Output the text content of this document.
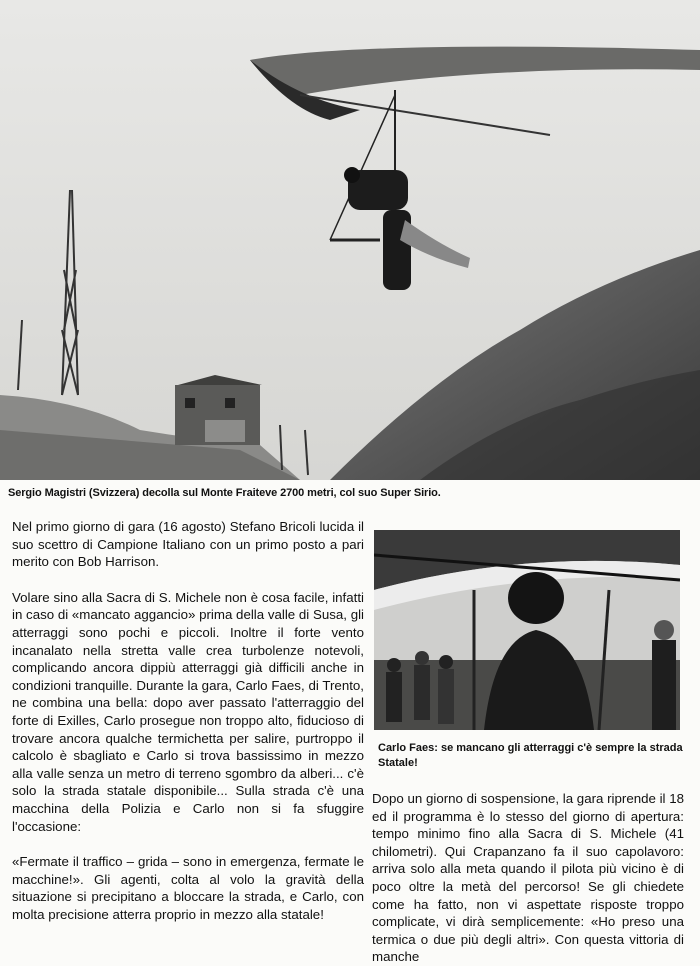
Sergio Magistri (Svizzera) decolla sul Monte Fraiteve 2700 metri, col suo Super Sirio.

Nel primo giorno di gara (16 agosto) Stefano Bricoli lucida il suo scettro di Campione Italiano con un primo posto a pari merito con Bob Harrison.

Volare sino alla Sacra di S. Michele non è cosa facile, infatti in caso di «mancato aggancio» prima della valle di Susa, gli atterraggi sono pochi e piccoli. Inoltre il forte vento incanalato nella stretta valle crea turbolenze notevoli, complicando ancora dippiù atterraggi già difficili anche in condizioni tranquille. Durante la gara, Carlo Faes, di Trento, ne combina una bella: dopo aver passato l'atterraggio del forte di Exilles, Carlo prosegue non troppo alto, fiducioso di trovare ancora qualche termichetta per salire, purtroppo il calcolo è sbagliato e Carlo si trova bassissimo in mezzo alla valle senza un metro di terreno sgombro da alberi... c'è solo la strada statale disponibile... Sulla strada c'è una macchina della Polizia e Carlo non si fa sfuggire l'occasione:

«Fermate il traffico – grida – sono in emergenza, fermate le macchine!». Gli agenti, colta al volo la gravità della situazione si precipitano a bloccare la strada, e Carlo, con molta precisione atterra proprio in mezzo alla statale!

Carlo Faes: se mancano gli atterraggi c'è sempre la strada Statale!

Dopo un giorno di sospensione, la gara riprende il 18 ed il programma è lo stesso del giorno di apertura: tempo minimo fino alla Sacra di S. Michele (41 chilometri). Qui Crapanzano fa il suo capolavoro: arriva solo alla meta quando il pilota più vicino è di poco oltre la metà del percorso! Se gli chiedete come ha fatto, non vi aspettate risposte troppo complicate, vi dirà semplicemente: «Ho preso una termica o due più degli altri». Con questa vittoria di manche
